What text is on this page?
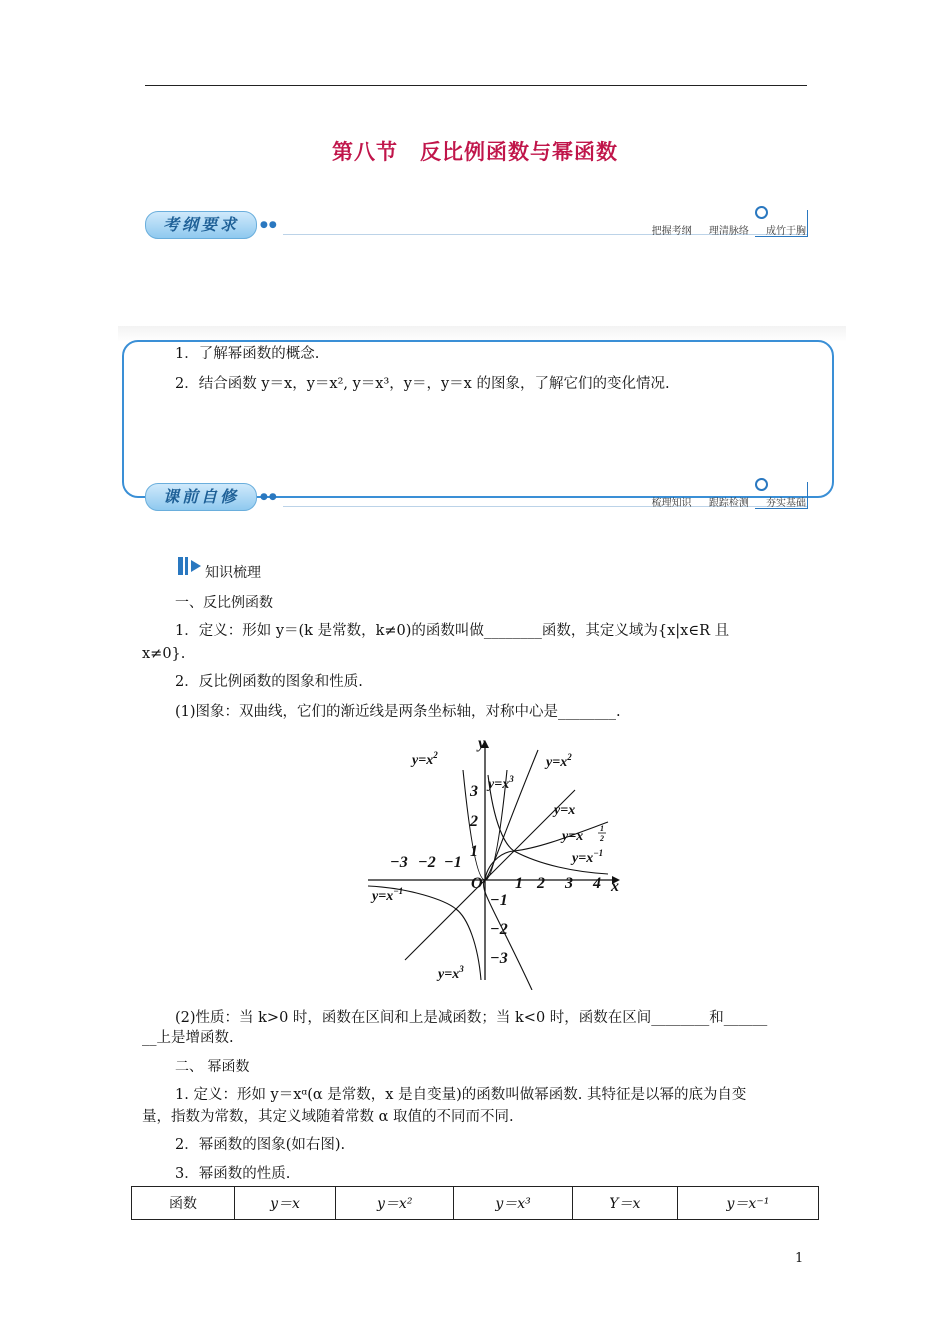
第八节　反比例函数与幂函数
考纲要求	●●
把握考纲 理清脉络 成竹于胸
1．了解幂函数的概念.
2．结合函数 y＝x，y＝x², y＝x³，y＝，y＝x 的图象，了解它们的变化情况.
课前自修	●●
梳理知识 跟踪检测 夯实基础
知识梳理
一、反比例函数
1．定义：形如 y＝(k 是常数，k≠0)的函数叫做________函数，其定义域为{x|x∈R 且
x≠0}.
2．反比例函数的图象和性质.
(1)图象：双曲线，它们的渐近线是两条坐标轴，对称中心是________.
1 2 3 4
−3 −2 −1
1
2
3
−1
−2
−3
O	x
y
$y=x^2$	$y=x^2$
$y=x^3$
y=x
y=x
1
2
$y=x^{-1}$
$y=x^{-1}$
$y=x^3$
(2)性质：当 k>0 时，函数在区间和上是减函数；当 k<0 时，函数在区间________和______
__上是增函数.
二、 幂函数
1. 定义：形如 y＝xᵅ(α 是常数，x 是自变量)的函数叫做幂函数. 其特征是以幂的底为自变
量，指数为常数，其定义域随着常数 α 取值的不同而不同.
2．幂函数的图象(如右图).
3．幂函数的性质.
函数	y＝x	y＝x²	y＝x³	Y＝x	y＝x⁻¹
1
